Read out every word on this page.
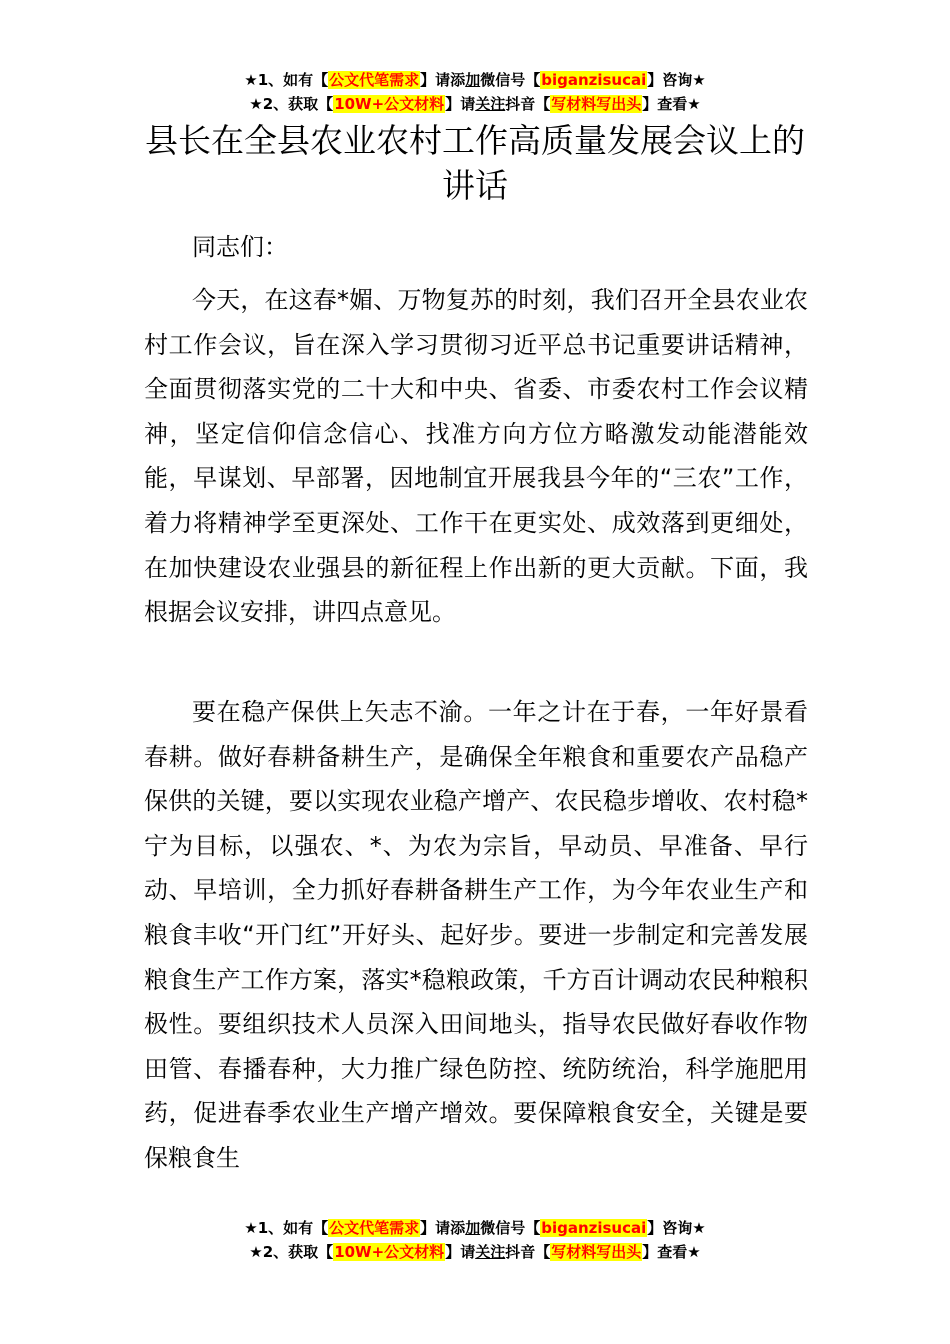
★1、如有【公文代笔需求】请添加微信号【biganzisucai】咨询★
★2、获取【10W+公文材料】请关注抖音【写材料写出头】查看★
县长在全县农业农村工作高质量发展会议上的讲话

同志们：

今天，在这春*媚、万物复苏的时刻，我们召开全县农业农村工作会议，旨在深入学习贯彻习近平总书记重要讲话精神，全面贯彻落实党的二十大和中央、省委、市委农村工作会议精神，坚定信仰信念信心、找准方向方位方略激发动能潜能效能，早谋划、早部署，因地制宜开展我县今年的“三农”工作，着力将精神学至更深处、工作干在更实处、成效落到更细处，在加快建设农业强县的新征程上作出新的更大贡献。下面，我根据会议安排，讲四点意见。

要在稳产保供上矢志不渝。一年之计在于春，一年好景看春耕。做好春耕备耕生产，是确保全年粮食和重要农产品稳产保供的关键，要以实现农业稳产增产、农民稳步增收、农村稳*宁为目标，以强农、*、为农为宗旨，早动员、早准备、早行动、早培训，全力抓好春耕备耕生产工作，为今年农业生产和粮食丰收“开门红”开好头、起好步。要进一步制定和完善发展粮食生产工作方案，落实*稳粮政策，千方百计调动农民种粮积极性。要组织技术人员深入田间地头，指导农民做好春收作物田管、春播春种，大力推广绿色防控、统防统治，科学施肥用药，促进春季农业生产增产增效。要保障粮食安全，关键是要保粮食生

★1、如有【公文代笔需求】请添加微信号【biganzisucai】咨询★
★2、获取【10W+公文材料】请关注抖音【写材料写出头】查看★
